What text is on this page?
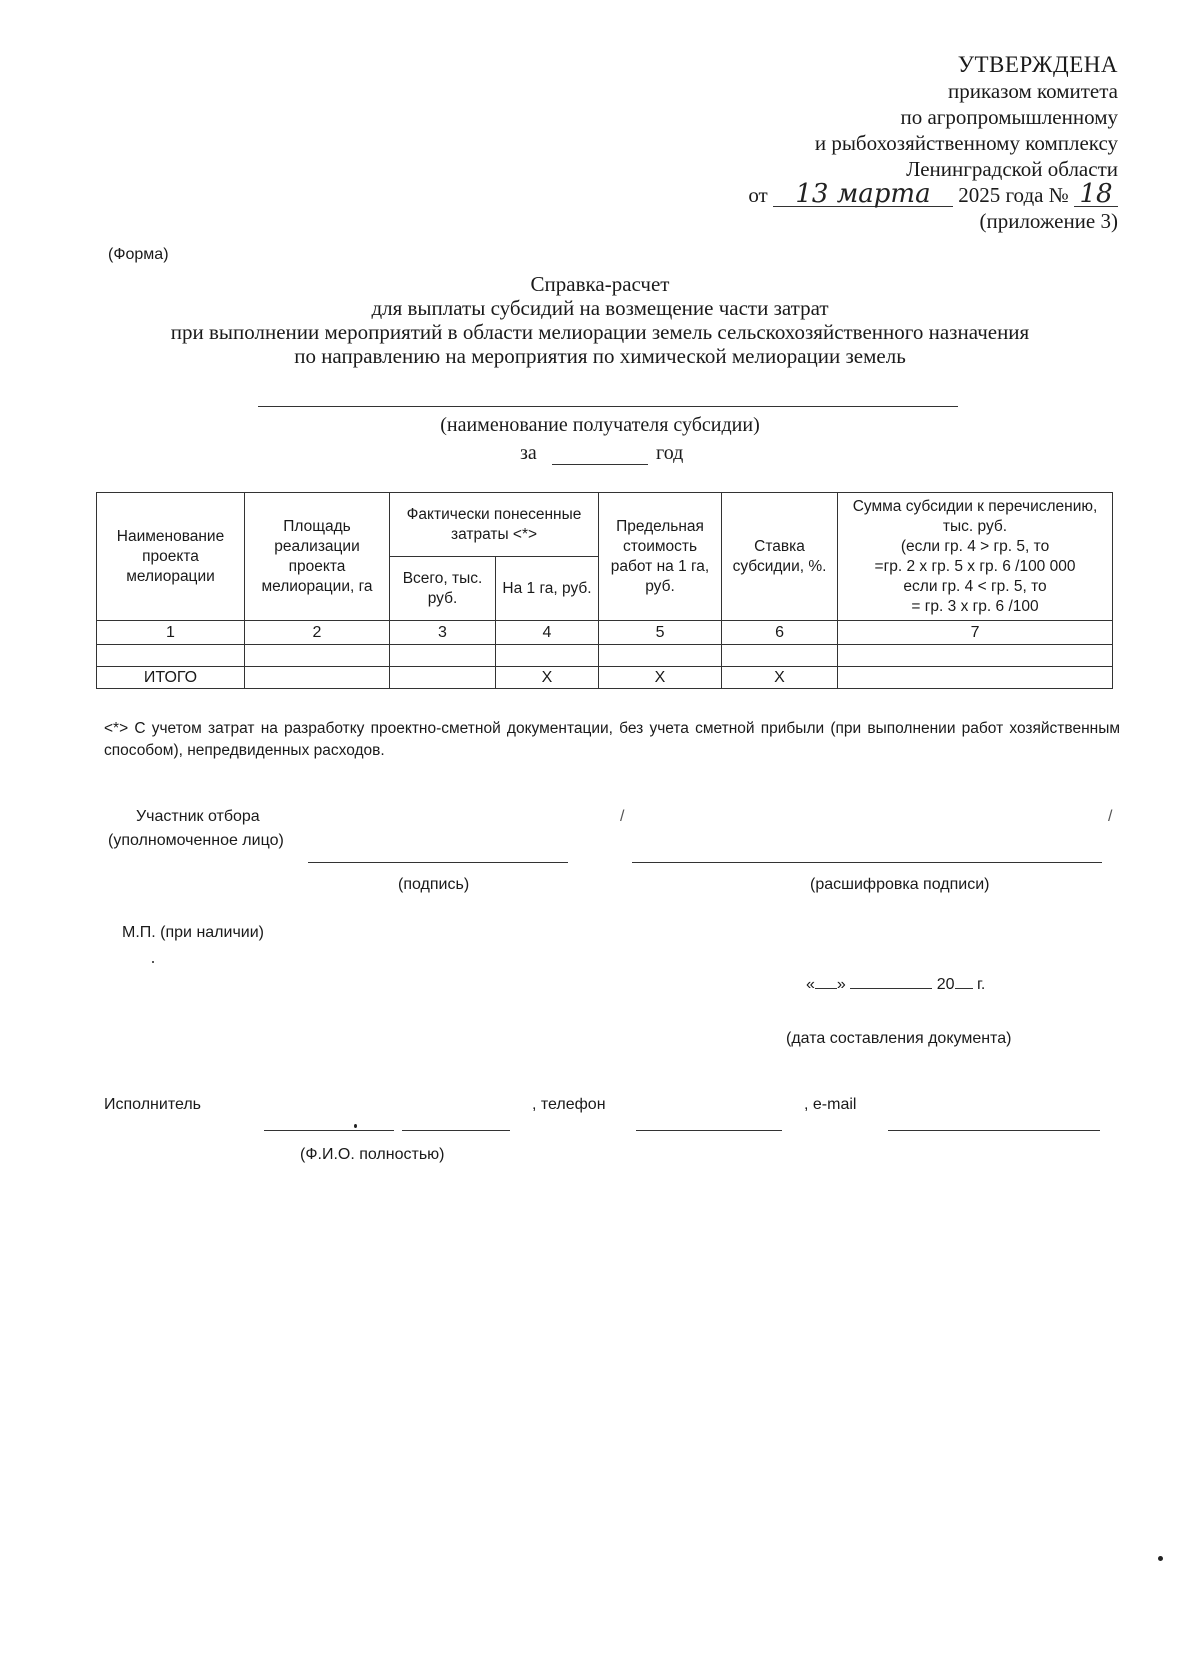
УТВЕРЖДЕНА
приказом комитета
по агропромышленному
и рыбохозяйственному комплексу
Ленинградской области
от 13 марта 2025 года № 18
(приложение 3)
(Форма)
Справка-расчет
для выплаты субсидий на возмещение части затрат
при выполнении мероприятий в области мелиорации земель сельскохозяйственного назначения
по направлению на мероприятия по химической мелиорации земель
(наименование получателя субсидии)
за	год
Наименование проекта мелиорации	Площадь реализации проекта мелиорации, га	Фактически понесенные затраты <*>		Предельная стоимость работ на 1 га, руб.	Ставка субсидии, %.	Сумма субсидии к перечислению, тыс. руб.
(если гр. 4 > гр. 5, то
=гр. 2 х гр. 5 х гр. 6 /100 000
если гр. 4 < гр. 5, то
= гр. 3 х гр. 6 /100

		Всего, тыс. руб.	На 1 га, руб.			
1	2	3	4	5	6	7

ИТОГО			Х	Х	Х	
<*> С учетом затрат на разработку проектно-сметной документации, без учета сметной прибыли (при выполнении работ хозяйственным способом), непредвиденных расходов.
Участник отбора
(уполномоченное лицо)
/	/
(подпись)	(расшифровка подписи)
М.П. (при наличии)
« »	20 г.
(дата составления документа)
Исполнитель	, телефон	, e-mail
(Ф.И.О. полностью)
